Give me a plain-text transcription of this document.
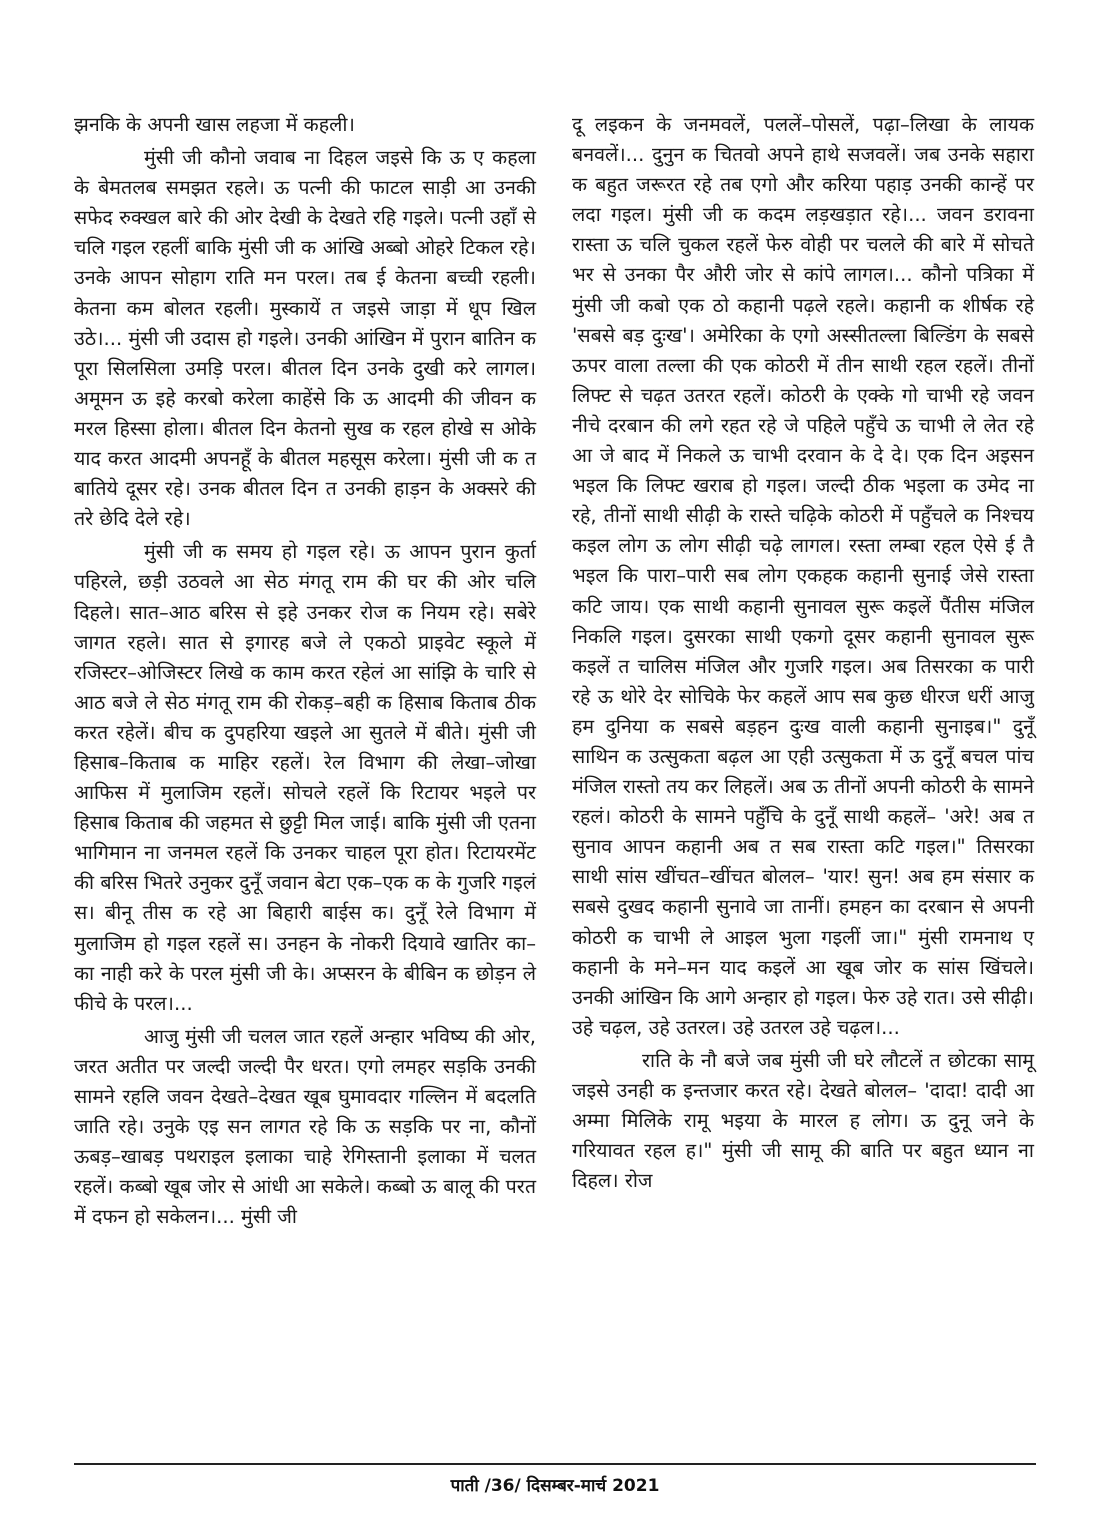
झनकि के अपनी खास लहजा में कहली।

मुंसी जी कौनो जवाब ना दिहल जइसे कि ऊ ए कहला के बेमतलब समझत रहले। ऊ पत्नी की फाटल साड़ी आ उनकी सफेद रुक्खल बारे की ओर देखी के देखते रहि गइले। पत्नी उहाँ से चलि गइल रहलीं बाकि मुंसी जी क आंखि अब्बो ओहरे टिकल रहे। उनके आपन सोहाग राति मन परल। तब ई केतना बच्ची रहली। केतना कम बोलत रहली। मुस्कायें त जइसे जाड़ा में धूप खिल उठे।... मुंसी जी उदास हो गइले। उनकी आंखिन में पुरान बातिन क पूरा सिलसिला उमड़ि परल। बीतल दिन उनके दुखी करे लागल। अमूमन ऊ इहे करबो करेला काहेंसे कि ऊ आदमी की जीवन क मरल हिस्सा होला। बीतल दिन केतनो सुख क रहल होखे स ओके याद करत आदमी अपनहूँ के बीतल महसूस करेला। मुंसी जी क त बातिये दूसर रहे। उनक बीतल दिन त उनकी हाड़न के अक्सरे की तरे छेदि देले रहे।

मुंसी जी क समय हो गइल रहे। ऊ आपन पुरान कुर्ता पहिरले, छड़ी उठवले आ सेठ मंगतू राम की घर की ओर चलि दिहले। सात–आठ बरिस से इहे उनकर रोज क नियम रहे। सबेरे जागत रहले। सात से इगारह बजे ले एकठो प्राइवेट स्कूले में रजिस्टर–ओजिस्टर लिखे क काम करत रहेलं आ सांझि के चारि से आठ बजे ले सेठ मंगतू राम की रोकड़–बही क हिसाब किताब ठीक करत रहेलें। बीच क दुपहरिया खइले आ सुतले में बीते। मुंसी जी हिसाब–किताब क माहिर रहलें। रेल विभाग की लेखा–जोखा आफिस में मुलाजिम रहलें। सोचले रहलें कि रिटायर भइले पर हिसाब किताब की जहमत से छुट्टी मिल जाई। बाकि मुंसी जी एतना भागिमान ना जनमल रहलें कि उनकर चाहल पूरा होत। रिटायरमेंट की बरिस भितरे उनुकर दुनूँ जवान बेटा एक–एक क के गुजरि गइलं स। बीनू तीस क रहे आ बिहारी बाईस क। दुनूँ रेले विभाग में मुलाजिम हो गइल रहलें स। उनहन के नोकरी दियावे खातिर का–का नाही करे के परल मुंसी जी के। अप्सरन के बीबिन क छोड़न ले फीचे के परल।...

आजु मुंसी जी चलल जात रहलें अन्हार भविष्य की ओर, जरत अतीत पर जल्दी जल्दी पैर धरत। एगो लमहर सड़कि उनकी सामने रहलि जवन देखते–देखत खूब घुमावदार गल्लिन में बदलति जाति रहे। उनुके एइ सन लागत रहे कि ऊ सड़कि पर ना, कौनों ऊबड़–खाबड़ पथराइल इलाका चाहे रेगिस्तानी इलाका में चलत रहलें। कब्बो खूब जोर से आंधी आ सकेले। कब्बो ऊ बालू की परत में दफन हो सकेलन।... मुंसी जी

दू लइकन के जनमवलें, पललें–पोसलें, पढ़ा–लिखा के लायक बनवलें।... दुनुन क चितवो अपने हाथे सजवलें। जब उनके सहारा क बहुत जरूरत रहे तब एगो और करिया पहाड़ उनकी कान्हें पर लदा गइल। मुंसी जी क कदम लड़खड़ात रहे।... जवन डरावना रास्ता ऊ चलि चुकल रहलें फेरु वोही पर चलले की बारे में सोचते भर से उनका पैर औरी जोर से कांपे लागल।... कौनो पत्रिका में मुंसी जी कबो एक ठो कहानी पढ़ले रहले। कहानी क शीर्षक रहे 'सबसे बड़ दुःख'। अमेरिका के एगो अस्सीतल्ला बिल्डिंग के सबसे ऊपर वाला तल्ला की एक कोठरी में तीन साथी रहल रहलें। तीनों लिफ्ट से चढ़त उतरत रहलें। कोठरी के एक्के गो चाभी रहे जवन नीचे दरबान की लगे रहत रहे जे पहिले पहुँचे ऊ चाभी ले लेत रहे आ जे बाद में निकले ऊ चाभी दरवान के दे दे। एक दिन अइसन भइल कि लिफ्ट खराब हो गइल। जल्दी ठीक भइला क उमेद ना रहे, तीनों साथी सीढ़ी के रास्ते चढ़िके कोठरी में पहुँचले क निश्चय कइल लोग ऊ लोग सीढ़ी चढ़े लागल। रस्ता लम्बा रहल ऐसे ई तै भइल कि पारा–पारी सब लोग एकहक कहानी सुनाई जेसे रास्ता कटि जाय। एक साथी कहानी सुनावल सुरू कइलें पैंतीस मंजिल निकलि गइल। दुसरका साथी एकगो दूसर कहानी सुनावल सुरू कइलें त चालिस मंजिल और गुजरि गइल। अब तिसरका क पारी रहे ऊ थोरे देर सोचिके फेर कहलें आप सब कुछ धीरज धरीं आजु हम दुनिया क सबसे बड़हन दुःख वाली कहानी सुनाइब।" दुनूँ साथिन क उत्सुकता बढ़ल आ एही उत्सुकता में ऊ दुनूँ बचल पांच मंजिल रास्तो तय कर लिहलें। अब ऊ तीनों अपनी कोठरी के सामने रहलं। कोठरी के सामने पहुँचि के दुनूँ साथी कहलें– 'अरे! अब त सुनाव आपन कहानी अब त सब रास्ता कटि गइल।" तिसरका साथी सांस खींचत–खींचत बोलल– 'यार! सुन! अब हम संसार क सबसे दुखद कहानी सुनावे जा तानीं। हमहन का दरबान से अपनी कोठरी क चाभी ले आइल भुला गइलीं जा।" मुंसी रामनाथ ए कहानी के मने–मन याद कइलें आ खूब जोर क सांस खिंचले। उनकी आंखिन कि आगे अन्हार हो गइल। फेरु उहे रात। उसे सीढ़ी। उहे चढ़ल, उहे उतरल। उहे उतरल उहे चढ़ल।...

राति के नौ बजे जब मुंसी जी घरे लौटलें त छोटका सामू जइसे उनही क इन्तजार करत रहे। देखते बोलल– 'दादा! दादी आ अम्मा मिलिके रामू भइया के मारल ह लोग। ऊ दुनू जने के गरियावत रहल ह।" मुंसी जी सामू की बाति पर बहुत ध्यान ना दिहल। रोज

पाती /36/ दिसम्बर-मार्च 2021
